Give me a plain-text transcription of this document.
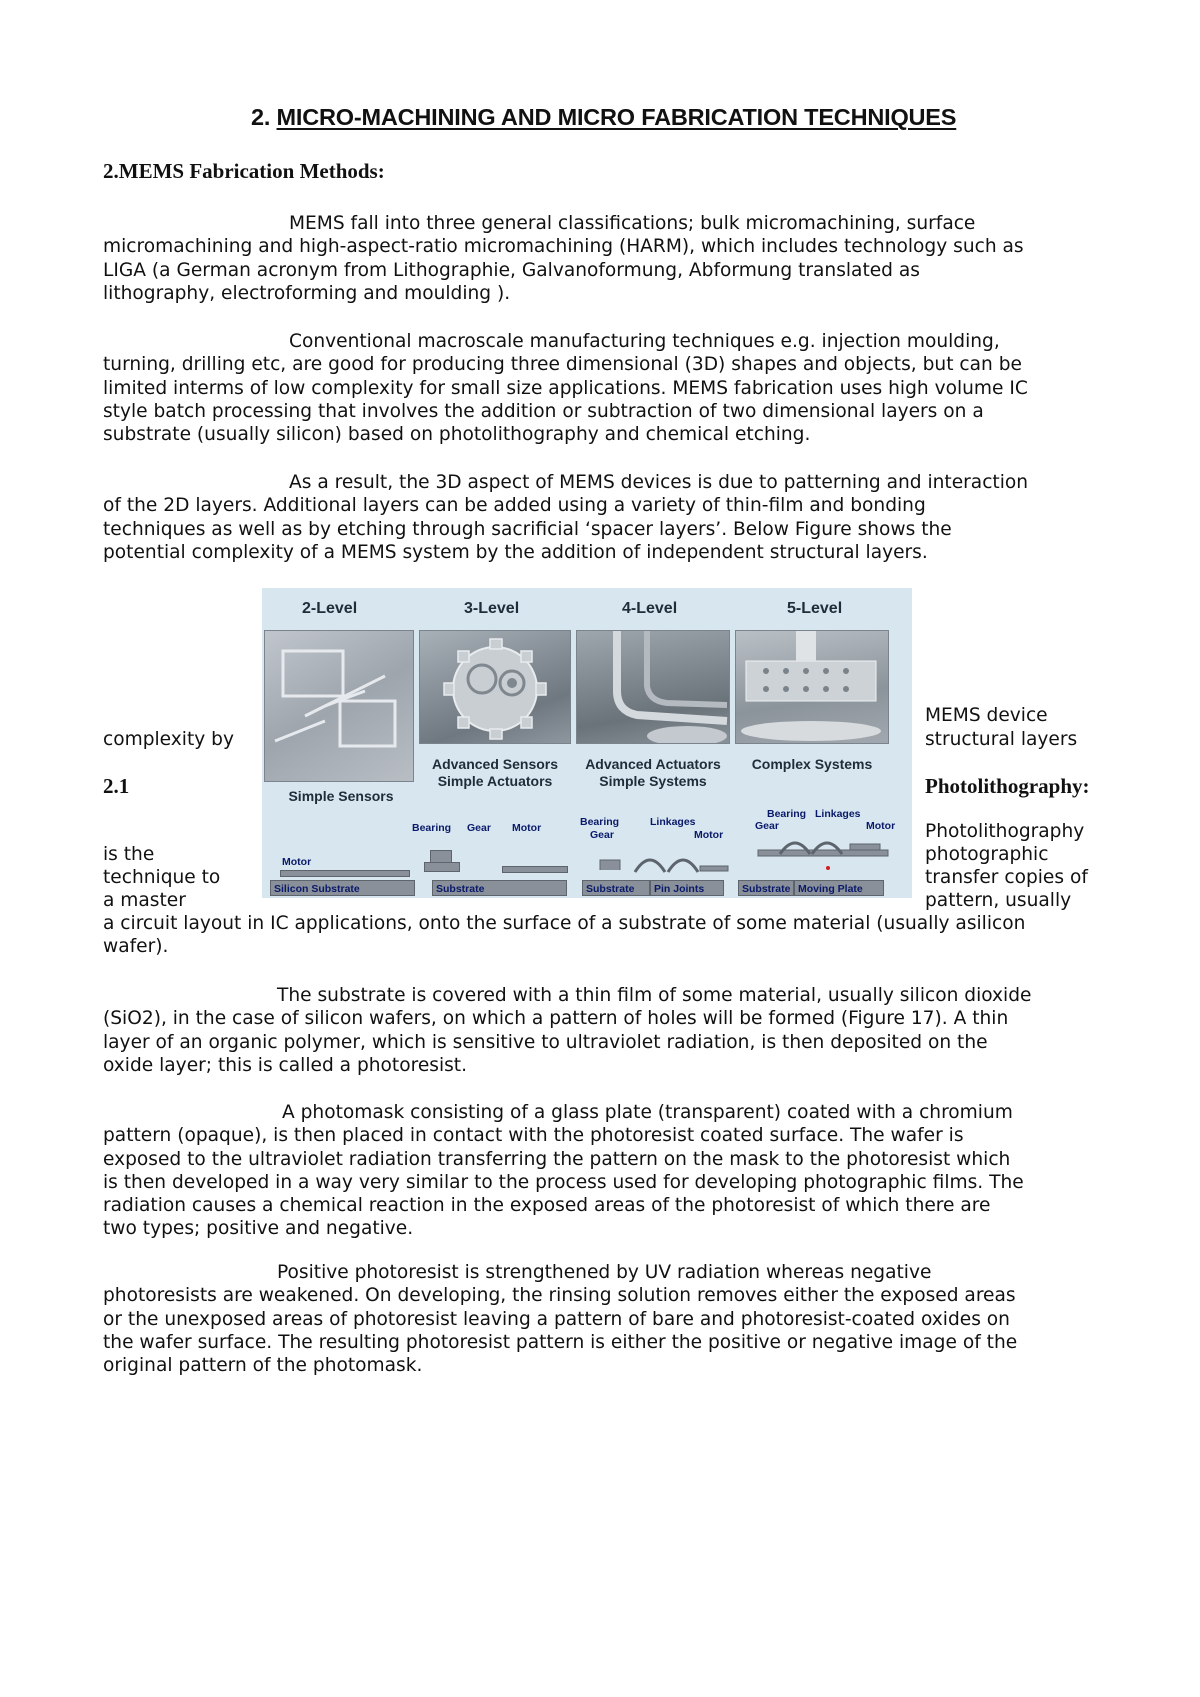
2. MICRO-MACHINING AND MICRO FABRICATION TECHNIQUES
2.MEMS Fabrication Methods:

MEMS fall into three general classifications; bulk micromachining, surface

micromachining and high-aspect-ratio micromachining (HARM), which includes technology such as

LIGA (a German acronym from Lithographie, Galvanoformung, Abformung translated as

lithography, electroforming and moulding ).

Conventional macroscale manufacturing techniques e.g. injection moulding,

turning, drilling etc, are good for producing three dimensional (3D) shapes and objects, but can be

limited interms of low complexity for small size applications. MEMS fabrication uses high volume IC

style batch processing that involves the addition or subtraction of two dimensional layers on a

substrate (usually silicon) based on photolithography and chemical etching.

As a result, the 3D aspect of MEMS devices is due to patterning and interaction

of the 2D layers. Additional layers can be added using a variety of thin-film and bonding

techniques as well as by etching through sacrificial ‘spacer layers’. Below Figure shows the

potential complexity of a MEMS system by the addition of independent structural layers.

2-Level	3-Level	4-Level	5-Level
Advanced Sensors
Simple Actuators
Advanced Actuators
Simple Systems
Complex Systems
Simple Sensors
Motor
Silicon Substrate
Bearing Gear Motor
Substrate
Bearing	Linkages
Gear	Motor
Substrate	Pin Joints
Bearing Linkages
Gear	Motor
Substrate Moving Plate
complexity by
MEMS device
structural layers
2.1	Photolithography:
Photolithography
is the	photographic
technique to	transfer copies of
a master	pattern, usually

a circuit layout in IC applications, onto the surface of a substrate of some material (usually asilicon

wafer).

The substrate is covered with a thin film of some material, usually silicon dioxide

(SiO2), in the case of silicon wafers, on which a pattern of holes will be formed (Figure 17). A thin

layer of an organic polymer, which is sensitive to ultraviolet radiation, is then deposited on the

oxide layer; this is called a photoresist.

A photomask consisting of a glass plate (transparent) coated with a chromium

pattern (opaque), is then placed in contact with the photoresist coated surface. The wafer is

exposed to the ultraviolet radiation transferring the pattern on the mask to the photoresist which

is then developed in a way very similar to the process used for developing photographic films. The

radiation causes a chemical reaction in the exposed areas of the photoresist of which there are

two types; positive and negative.

Positive photoresist is strengthened by UV radiation whereas negative

photoresists are weakened. On developing, the rinsing solution removes either the exposed areas

or the unexposed areas of photoresist leaving a pattern of bare and photoresist-coated oxides on

the wafer surface. The resulting photoresist pattern is either the positive or negative image of the

original pattern of the photomask.
